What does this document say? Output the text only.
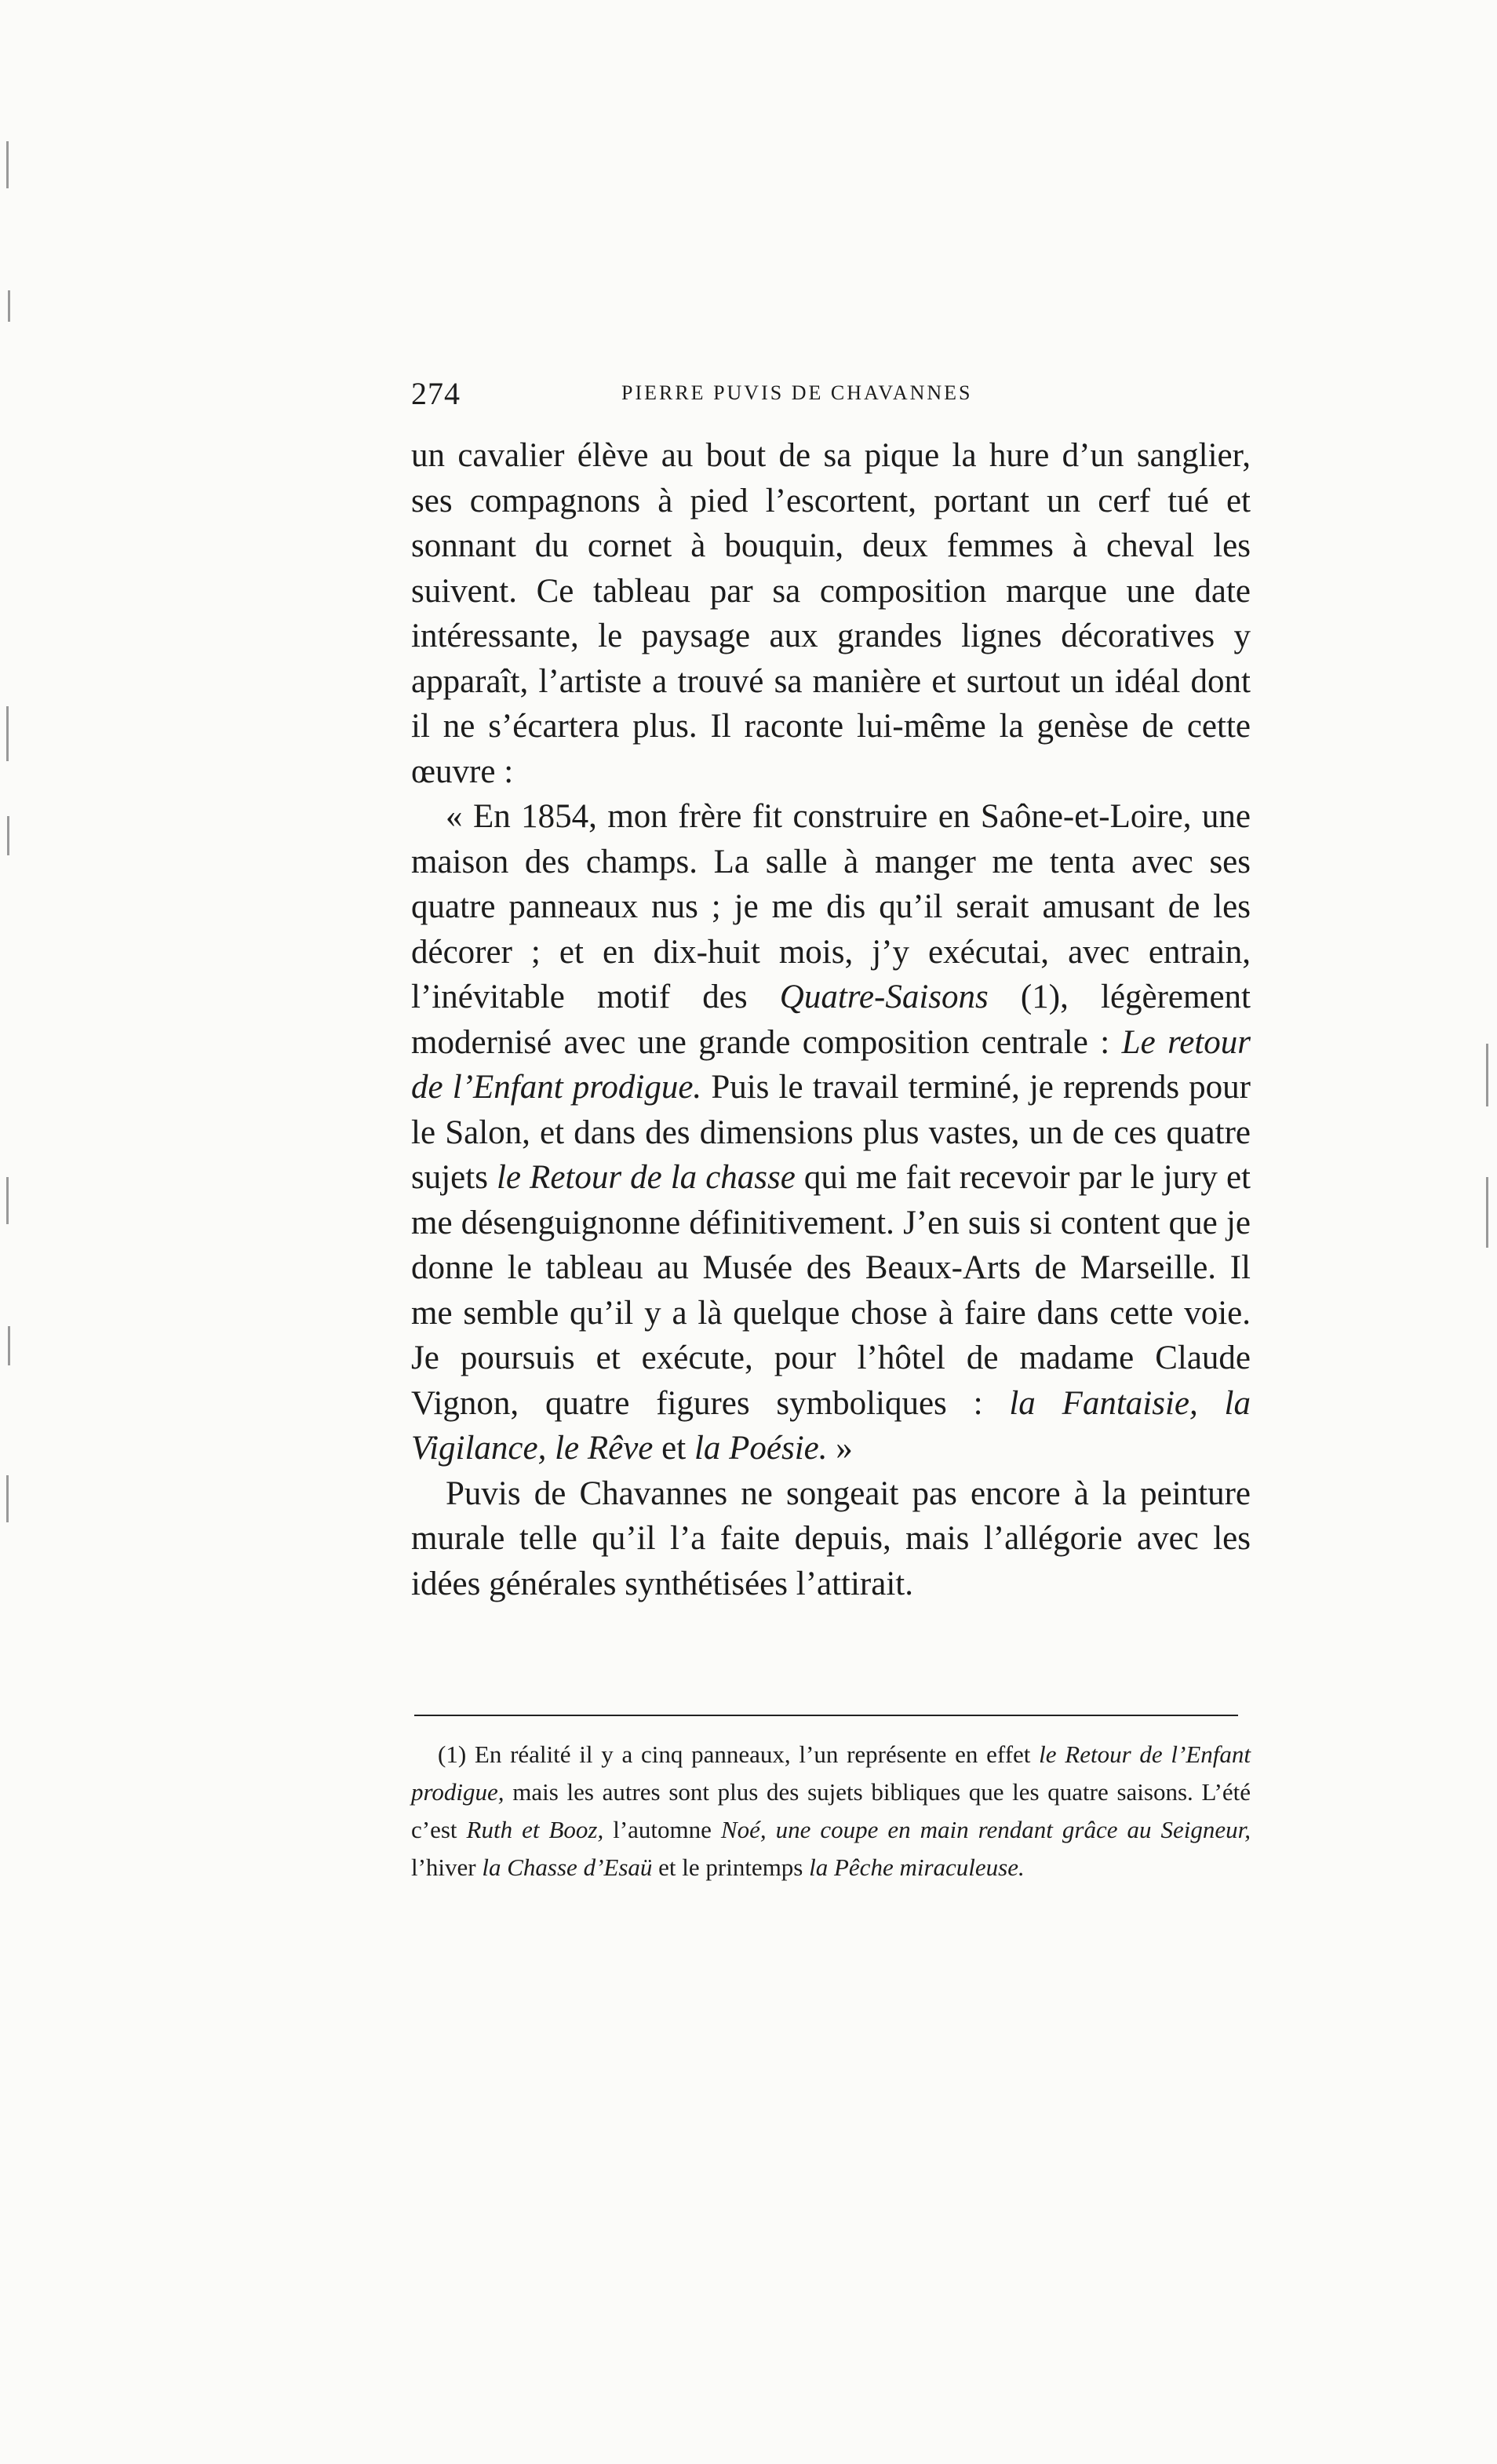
274	PIERRE PUVIS DE CHAVANNES

un cavalier élève au bout de sa pique la hure d’un sanglier, ses compagnons à pied l’escortent, portant un cerf tué et sonnant du cornet à bouquin, deux femmes à cheval les suivent. Ce tableau par sa composition marque une date intéressante, le paysage aux grandes lignes décoratives y apparaît, l’artiste a trouvé sa manière et surtout un idéal dont il ne s’écartera plus. Il raconte lui-même la genèse de cette œuvre :

« En 1854, mon frère fit construire en Saône-et-Loire, une maison des champs. La salle à manger me tenta avec ses quatre panneaux nus ; je me dis qu’il serait amusant de les décorer ; et en dix-huit mois, j’y exécutai, avec entrain, l’inévitable motif des Quatre-Saisons (1), légèrement modernisé avec une grande composition centrale : Le retour de l’Enfant prodigue. Puis le travail terminé, je reprends pour le Salon, et dans des dimensions plus vastes, un de ces quatre sujets le Retour de la chasse qui me fait recevoir par le jury et me désenguignonne définitivement. J’en suis si content que je donne le tableau au Musée des Beaux-Arts de Marseille. Il me semble qu’il y a là quelque chose à faire dans cette voie. Je poursuis et exécute, pour l’hôtel de madame Claude Vignon, quatre figures symboliques : la Fantaisie, la Vigilance, le Rêve et la Poésie. »

Puvis de Chavannes ne songeait pas encore à la peinture murale telle qu’il l’a faite depuis, mais l’allégorie avec les idées générales synthétisées l’attirait.

(1) En réalité il y a cinq panneaux, l’un représente en effet le Retour de l’Enfant prodigue, mais les autres sont plus des sujets bibliques que les quatre saisons. L’été c’est Ruth et Booz, l’automne Noé, une coupe en main rendant grâce au Seigneur, l’hiver la Chasse d’Esaü et le printemps la Pêche miraculeuse.
